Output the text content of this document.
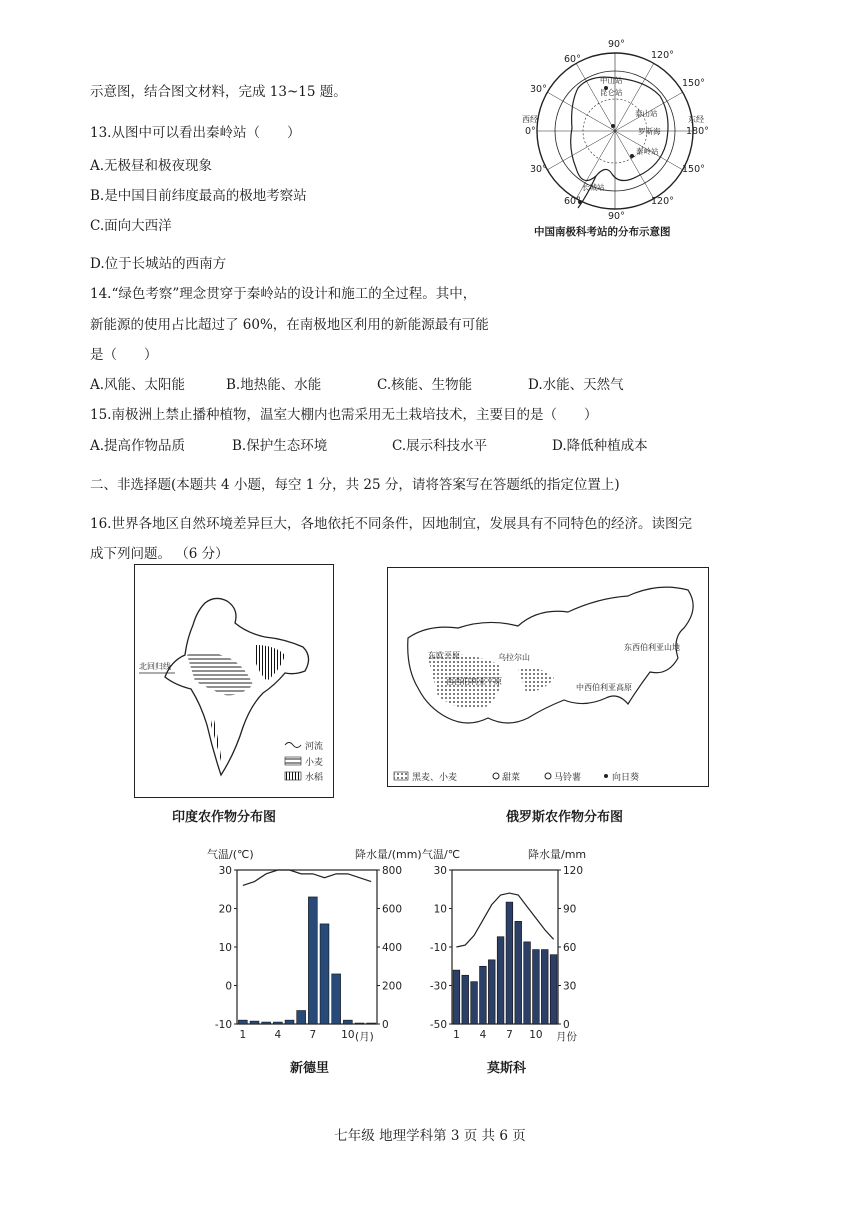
示意图，结合图文材料，完成 13~15 题。
13.从图中可以看出秦岭站（　　）
A.无极昼和极夜现象
B.是中国目前纬度最高的极地考察站
C.面向大西洋
D.位于长城站的西南方
14.“绿色考察”理念贯穿于秦岭站的设计和施工的全过程。其中，
新能源的使用占比超过了 60%，在南极地区利用的新能源最有可能
是（　　）
A.风能、太阳能	B.地热能、水能	C.核能、生物能	D.水能、天然气
15.南极洲上禁止播种植物，温室大棚内也需采用无土栽培技术，主要目的是（　　）
A.提高作物品质	B.保护生态环境	C.展示科技水平	D.降低种植成本
二、非选择题(本题共 4 小题，每空 1 分，共 25 分，请将答案写在答题纸的指定位置上)
16.世界各地区自然环境差异巨大，各地依托不同条件，因地制宜，发展具有不同特色的经济。读图完
成下列问题。 （6 分）
90°
60°	120°
30°
150°
西经
0°
东经
180°
30°	150°
60°	120°
90°
中山站
昆仑站
泰山站
罗斯海
秦岭站
长城站
中国南极科考站的分布示意图
北回归线
河流
小麦
水稻
印度农作物分布图
东欧平原	乌拉尔山
西西伯利亚平原
中西伯利亚高原
东西伯利亚山地
黑麦、小麦	甜菜	马铃薯	向日葵
俄罗斯农作物分布图
气温/(℃)	降水量/(mm)
(月)
-10
0
10
20
30
0
200
400
600
800
1	4	7 10
新德里
气温/℃	降水量/mm
月份
-50
-30
-10
10
30
0
30
60
90
120
1 4 7 10
莫斯科
七年级 地理学科第 3 页 共 6 页
